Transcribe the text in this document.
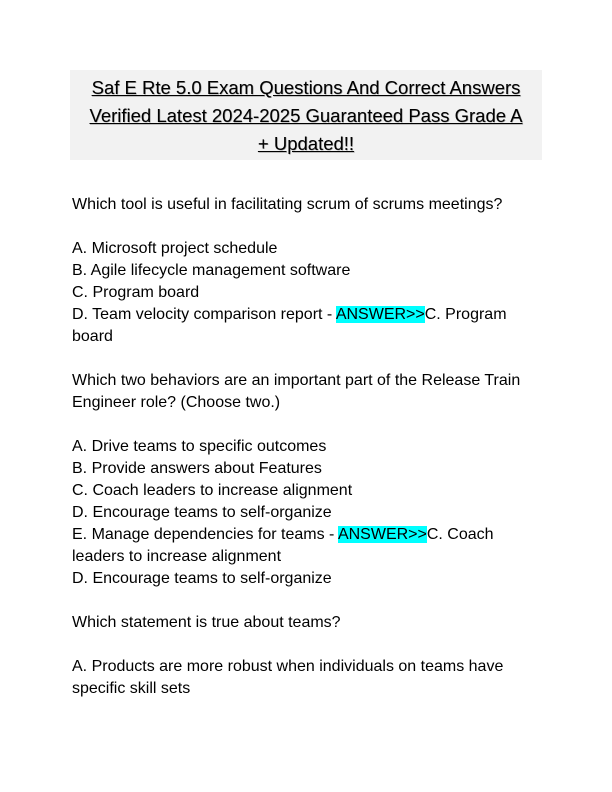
Saf E Rte 5.0 Exam Questions And Correct Answers
Verified Latest 2024-2025 Guaranteed Pass Grade A
+ Updated!!
Which tool is useful in facilitating scrum of scrums meetings?
A. Microsoft project schedule
B. Agile lifecycle management software
C. Program board
D. Team velocity comparison report - ANSWER>>C. Program
board
Which two behaviors are an important part of the Release Train
Engineer role? (Choose two.)
A. Drive teams to specific outcomes
B. Provide answers about Features
C. Coach leaders to increase alignment
D. Encourage teams to self-organize
E. Manage dependencies for teams - ANSWER>>C. Coach
leaders to increase alignment
D. Encourage teams to self-organize
Which statement is true about teams?
A. Products are more robust when individuals on teams have
specific skill sets
